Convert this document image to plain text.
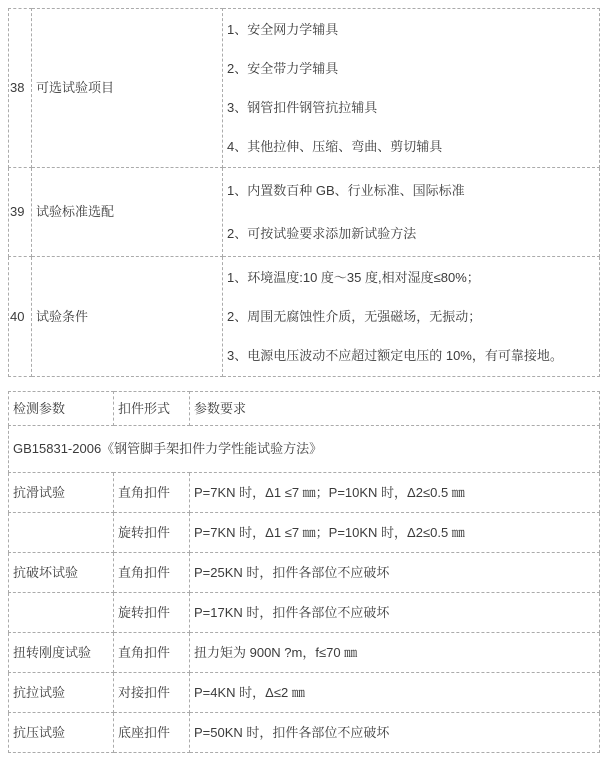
38	可选试验项目	1、安全网力学辅具
2、安全带力学辅具
3、钢管扣件钢管抗拉辅具
4、其他拉伸、压缩、弯曲、剪切辅具

39	试验标准选配	1、内置数百种 GB、行业标准、国际标准
2、可按试验要求添加新试验方法

40	试验条件	1、环境温度:10 度～35 度,相对湿度≤80%；
2、周围无腐蚀性介质，无强磁场，无振动；
3、电源电压波动不应超过额定电压的 10%，有可靠接地。
检测参数	扣件形式	参数要求
GB15831-2006《钢管脚手架扣件力学性能试验方法》		
抗滑试验	直角扣件	P=7KN 时，Δ1 ≤7 ㎜；P=10KN 时，Δ2≤0.5 ㎜
	旋转扣件	P=7KN 时，Δ1 ≤7 ㎜；P=10KN 时，Δ2≤0.5 ㎜
抗破坏试验	直角扣件	P=25KN 时，扣件各部位不应破坏
	旋转扣件	P=17KN 时，扣件各部位不应破坏
扭转刚度试验	直角扣件	扭力矩为 900N ?m，f≤70 ㎜
抗拉试验	对接扣件	P=4KN 时，Δ≤2 ㎜
抗压试验	底座扣件	P=50KN 时，扣件各部位不应破坏
